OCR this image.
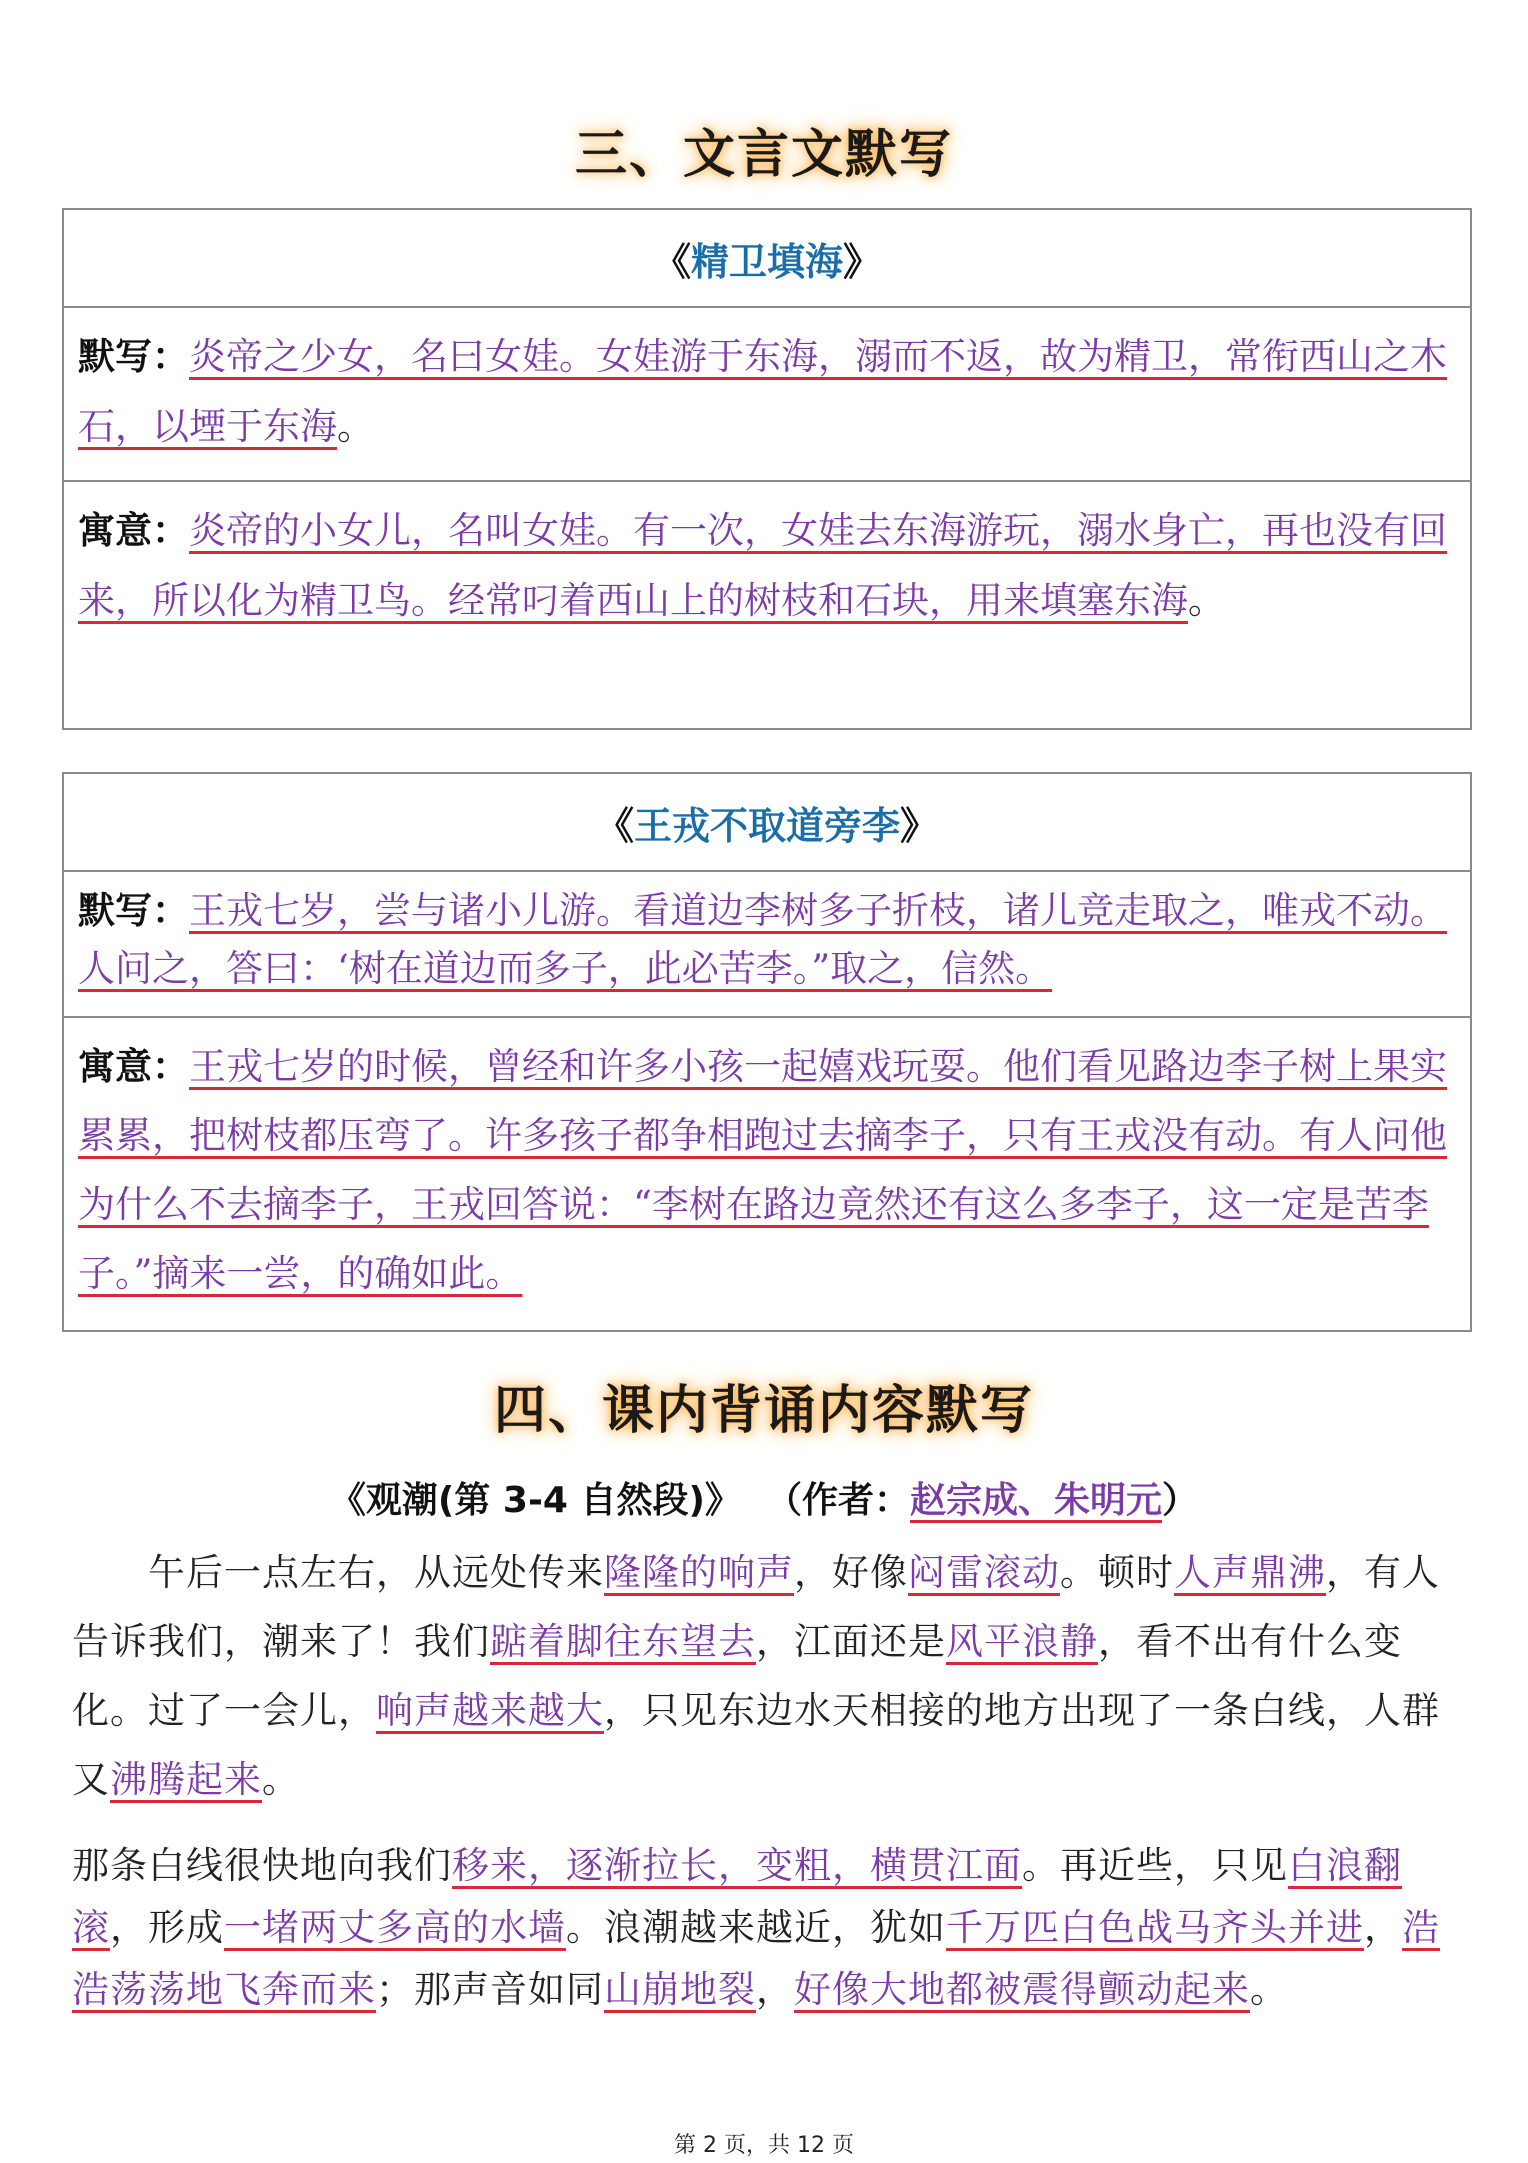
三、文言文默写
《 精卫填海 》
默写：炎帝之少女，名曰女娃。女娃游于东海，溺而不返，故为精卫，常衔西山之木石，以堙于东海。
寓意：炎帝的小女儿，名叫女娃。有一次，女娃去东海游玩，溺水身亡，再也没有回来，所以化为精卫鸟。经常叼着西山上的树枝和石块，用来填塞东海。
《 王戎不取道旁李 》
默写：王戎七岁，尝与诸小儿游。看道边李树多子折枝，诸儿竞走取之，唯戎不动。人问之，答曰：‘树在道边而多子，此必苦李。”取之，信然。
寓意：王戎七岁的时候，曾经和许多小孩一起嬉戏玩耍。他们看见路边李子树上果实累累，把树枝都压弯了。许多孩子都争相跑过去摘李子，只有王戎没有动。有人问他为什么不去摘李子，王戎回答说：“李树在路边竟然还有这么多李子，这一定是苦李子。”摘来一尝，的确如此。
四、课内背诵内容默写
《观潮(第 3-4 自然段)》 （作者：赵宗成、朱明元）
午后一点左右，从远处传来隆隆的响声，好像闷雷滚动。顿时人声鼎沸，有人告诉我们，潮来了！我们踮着脚往东望去，江面还是风平浪静，看不出有什么变化。过了一会儿，响声越来越大，只见东边水天相接的地方出现了一条白线，人群又沸腾起来。
那条白线很快地向我们移来，逐渐拉长，变粗，横贯江面。再近些，只见白浪翻滚，形成一堵两丈多高的水墙。浪潮越来越近，犹如千万匹白色战马齐头并进，浩浩荡荡地飞奔而来；那声音如同山崩地裂，好像大地都被震得颤动起来。
第 2 页，共 12 页
